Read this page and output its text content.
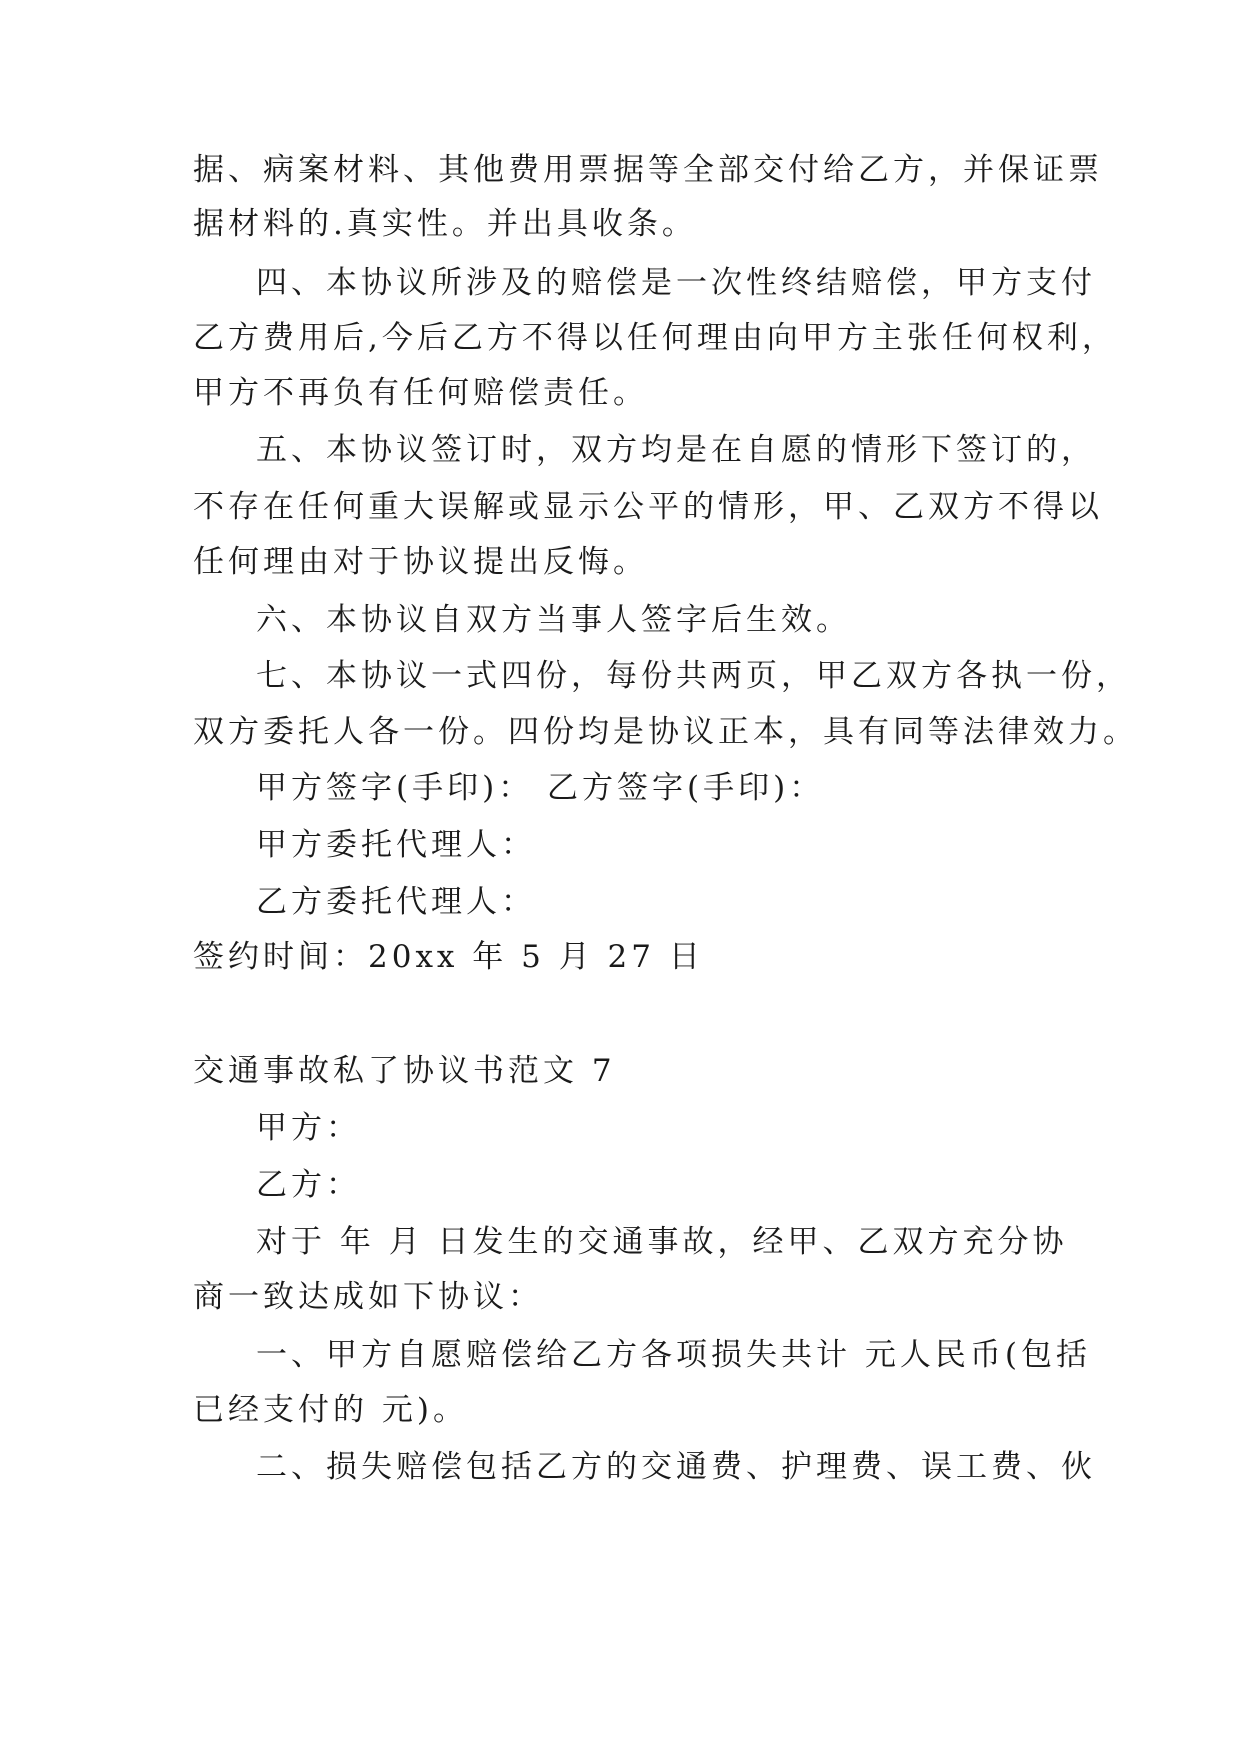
据、病案材料、其他费用票据等全部交付给乙方，并保证票
据材料的.真实性。并出具收条。
四、本协议所涉及的赔偿是一次性终结赔偿，甲方支付
乙方费用后,今后乙方不得以任何理由向甲方主张任何权利，
甲方不再负有任何赔偿责任。
五、本协议签订时，双方均是在自愿的情形下签订的，
不存在任何重大误解或显示公平的情形，甲、乙双方不得以
任何理由对于协议提出反悔。
六、本协议自双方当事人签字后生效。
七、本协议一式四份，每份共两页，甲乙双方各执一份，
双方委托人各一份。四份均是协议正本，具有同等法律效力。
甲方签字(手印)： 乙方签字(手印)：
甲方委托代理人：
乙方委托代理人：
签约时间：20xx 年 5 月 27 日
交通事故私了协议书范文 7
甲方：
乙方：
对于 年 月 日发生的交通事故，经甲、乙双方充分协
商一致达成如下协议：
一、甲方自愿赔偿给乙方各项损失共计 元人民币(包括
已经支付的 元)。
二、损失赔偿包括乙方的交通费、护理费、误工费、伙
